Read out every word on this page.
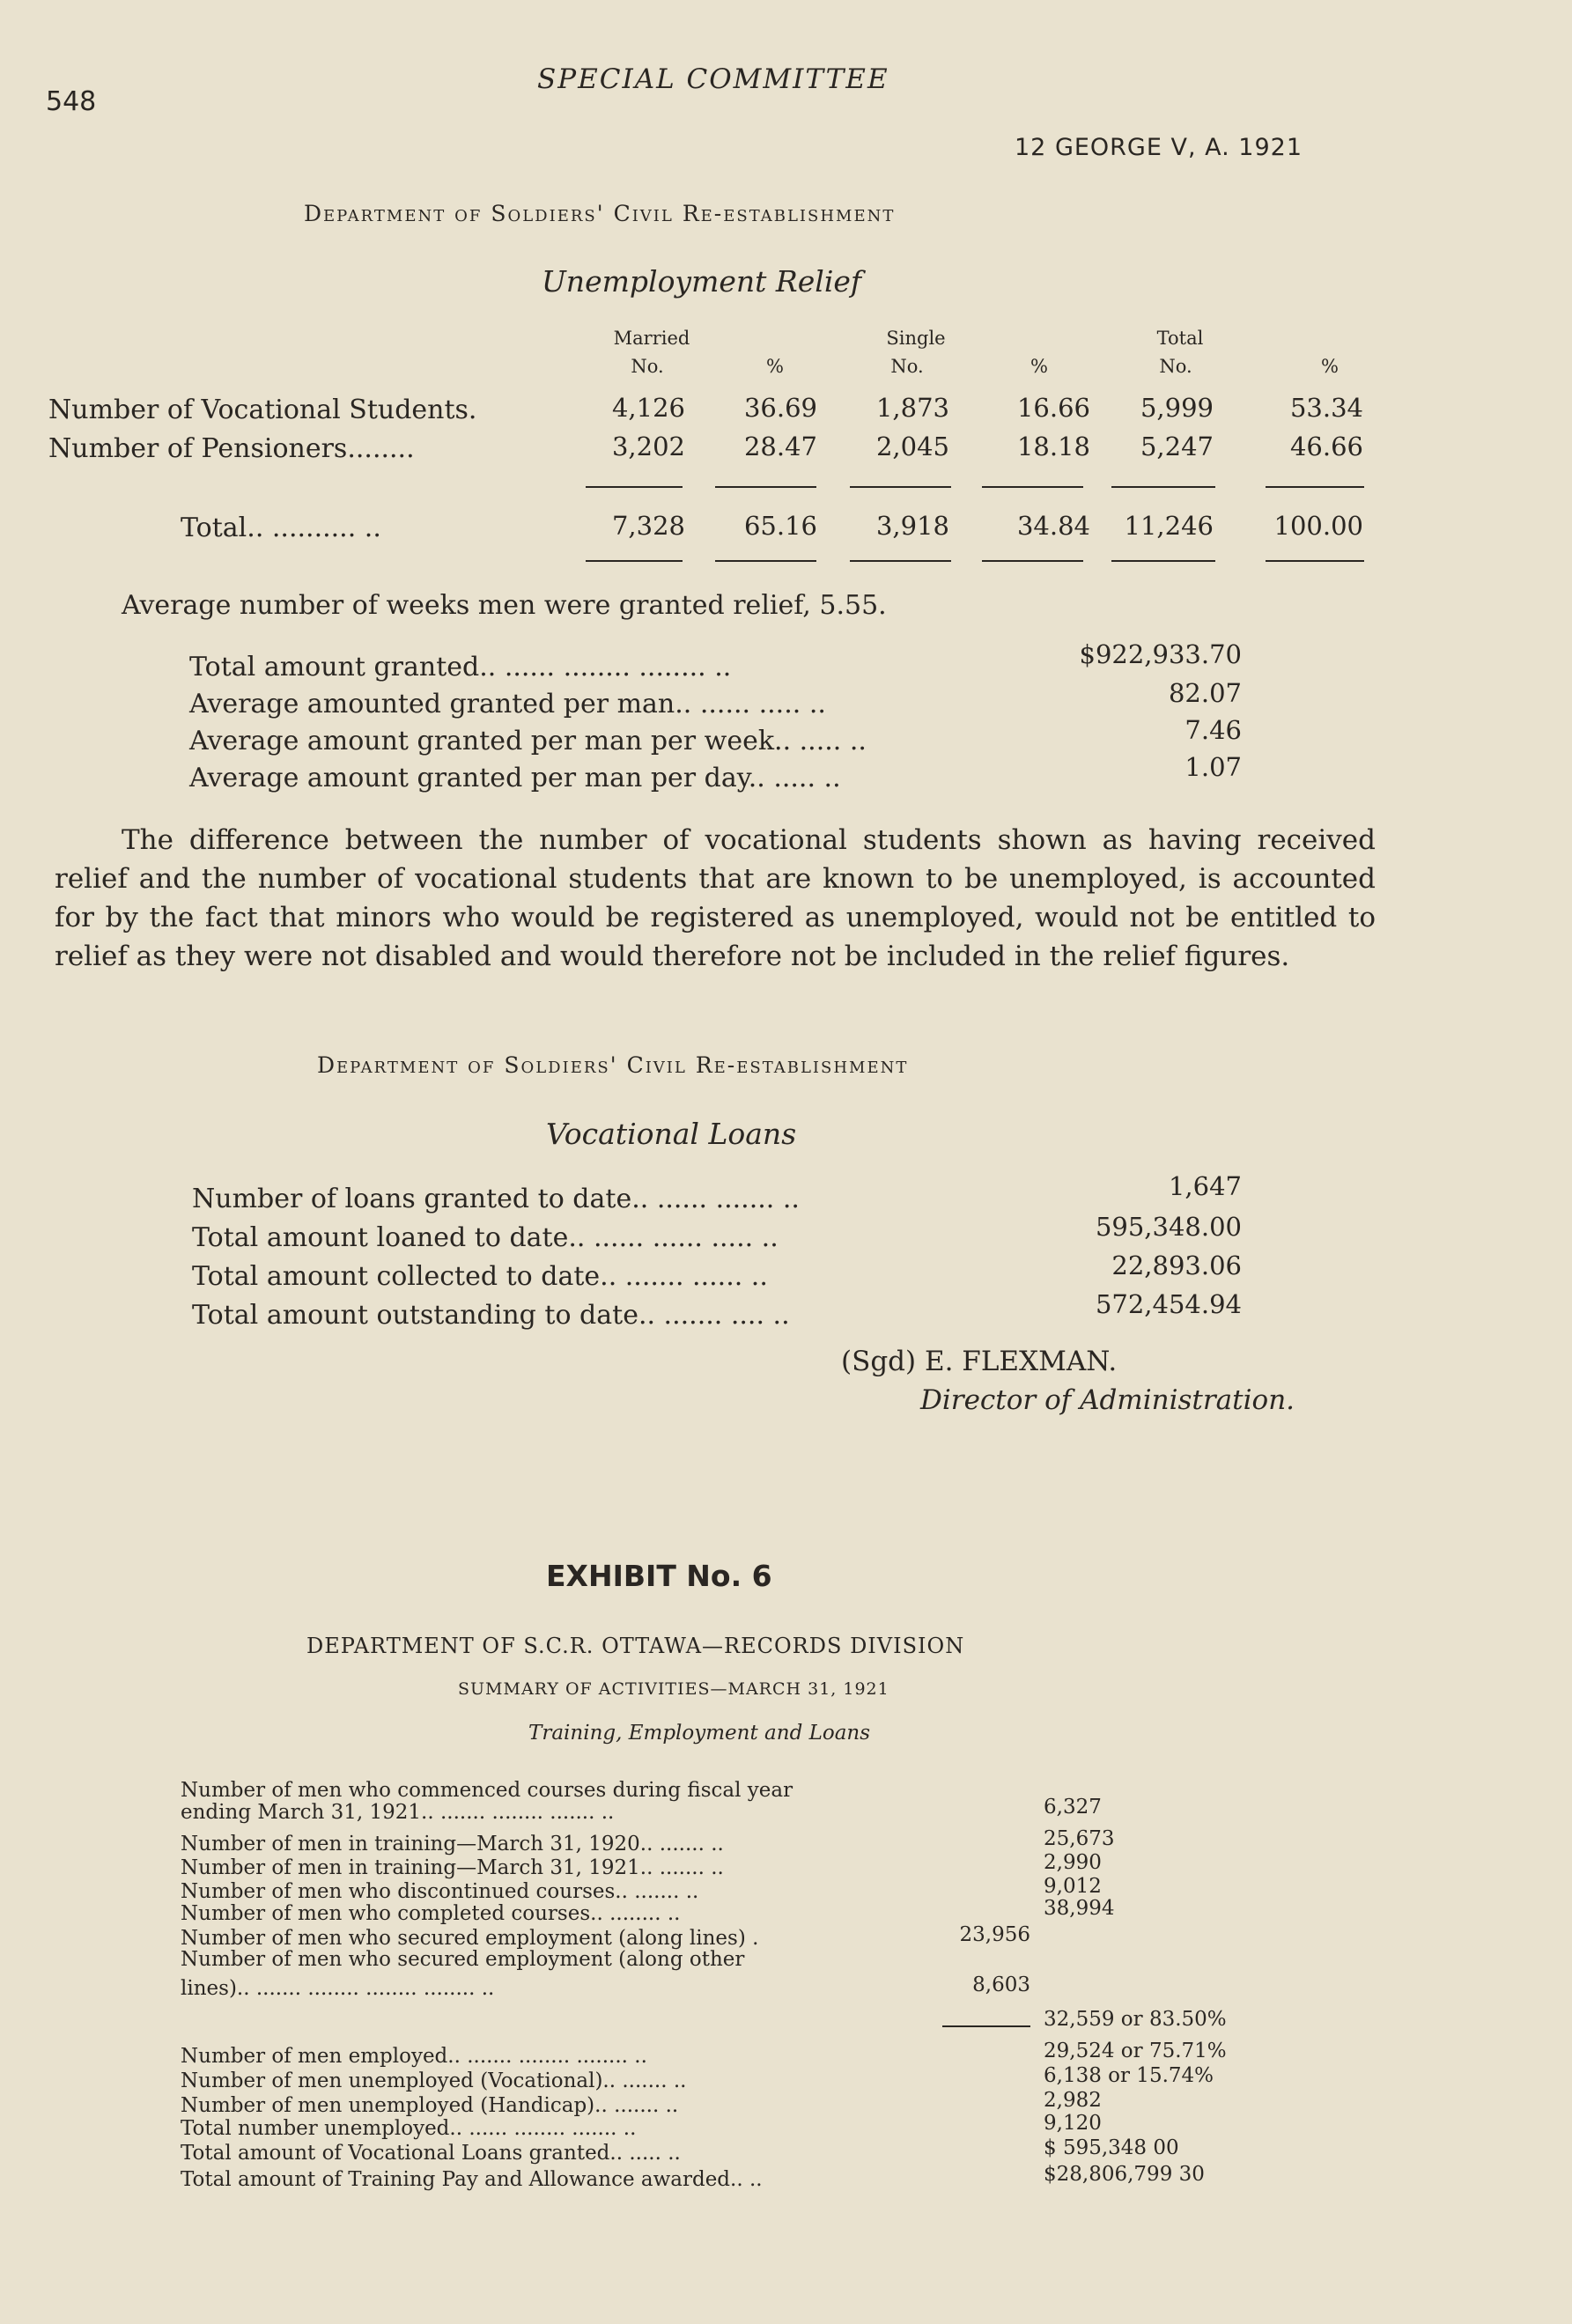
548
SPECIAL COMMITTEE
12 GEORGE V, A. 1921
Department of Soldiers' Civil Re-establishment
Unemployment Relief
Married	Single	Total
No.	%	No.	%	No.	%
Number of Vocational Students.	4,126	36.69	1,873	16.66	5,999	53.34
Number of Pensioners........	3,202	28.47	2,045	18.18	5,247	46.66
Total.. .......... ..	7,328	65.16	3,918	34.84	11,246	100.00
Average number of weeks men were granted relief, 5.55.
Total amount granted.. ...... ........ ........ ..	$922,933.70
Average amounted granted per man.. ...... ..... ..	82.07
Average amount granted per man per week.. ..... ..	7.46
Average amount granted per man per day.. ..... ..	1.07
The difference between the number of vocational students shown as having received relief and the number of vocational students that are known to be unemployed, is accounted for by the fact that minors who would be registered as unemployed, would not be entitled to relief as they were not disabled and would therefore not be included in the relief figures.
Department of Soldiers' Civil Re-establishment
Vocational Loans
Number of loans granted to date.. ...... ....... ..	1,647
Total amount loaned to date.. ...... ...... ..... ..	595,348.00
Total amount collected to date.. ....... ...... ..	22,893.06
Total amount outstanding to date.. ....... .... ..	572,454.94
(Sgd) E. FLEXMAN.
Director of Administration.
EXHIBIT No. 6
DEPARTMENT OF S.C.R. OTTAWA—RECORDS DIVISION
SUMMARY OF ACTIVITIES—MARCH 31, 1921
Training, Employment and Loans
Number of men who commenced courses during fiscal year
ending March 31, 1921.. ....... ........ ....... ..	6,327
Number of men in training—March 31, 1920.. ....... ..	25,673
Number of men in training—March 31, 1921.. ....... ..	2,990
Number of men who discontinued courses.. ....... ..	9,012
Number of men who completed courses.. ........ ..	38,994
Number of men who secured employment (along lines) .	23,956
Number of men who secured employment (along other
lines).. ....... ........ ........ ........ ..	8,603
32,559 or 83.50%
Number of men employed.. ....... ........ ........ ..	29,524 or 75.71%
Number of men unemployed (Vocational).. ....... ..	6,138 or 15.74%
Number of men unemployed (Handicap).. ....... ..	2,982
Total number unemployed.. ...... ........ ....... ..	9,120
Total amount of Vocational Loans granted.. ..... ..	$ 595,348 00
Total amount of Training Pay and Allowance awarded.. ..	$28,806,799 30
